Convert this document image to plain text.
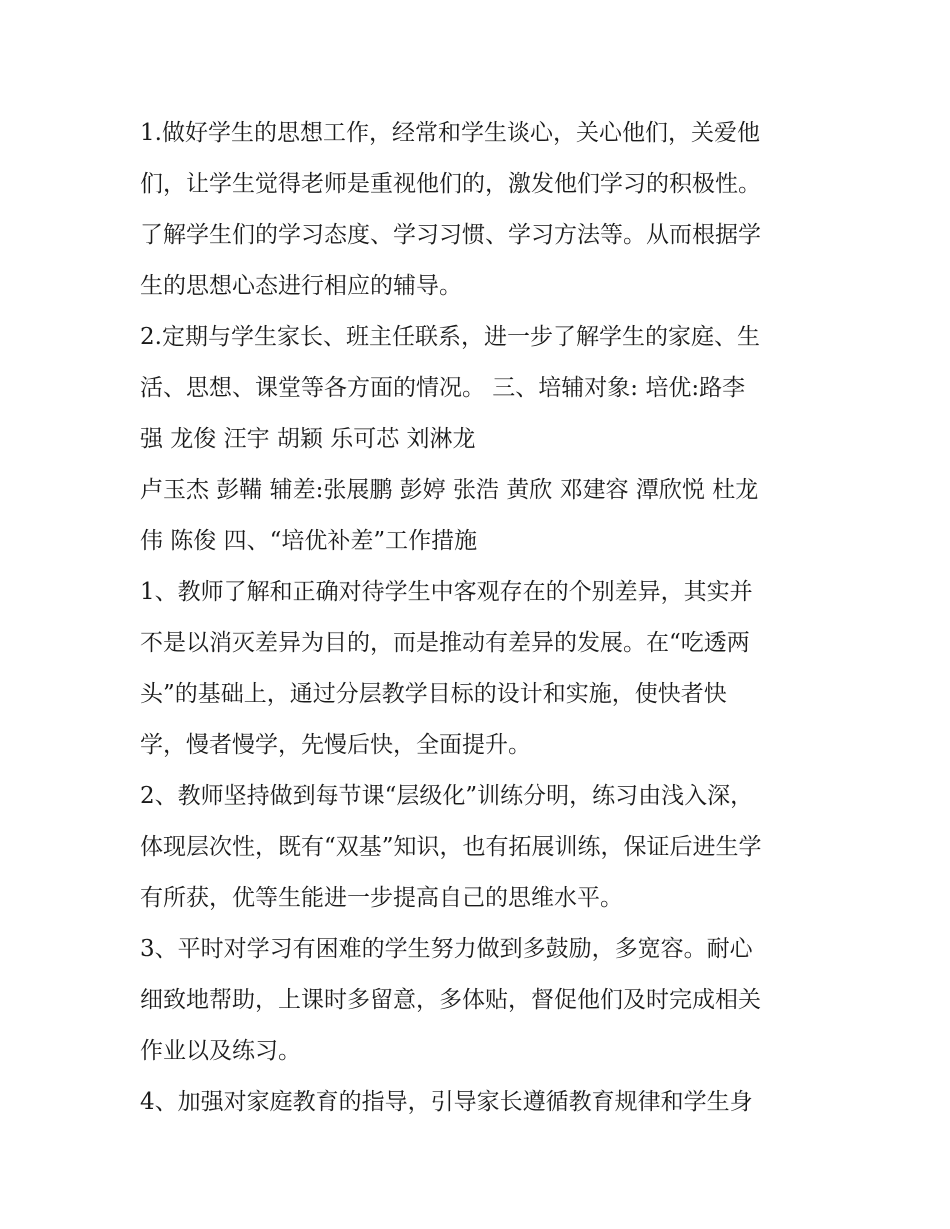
1.做好学生的思想工作，经常和学生谈心，关心他们，关爱他
们，让学生觉得老师是重视他们的，激发他们学习的积极性。
了解学生们的学习态度、学习习惯、学习方法等。从而根据学
生的思想心态进行相应的辅导。
2.定期与学生家长、班主任联系，进一步了解学生的家庭、生
活、思想、课堂等各方面的情况。 三、培辅对象: 培优:路李
强 龙俊 汪宇 胡颖 乐可芯 刘淋龙
卢玉杰 彭鞴 辅差:张展鹏 彭婷 张浩 黄欣 邓建容 潭欣悦 杜龙
伟 陈俊 四、“培优补差”工作措施
1、教师了解和正确对待学生中客观存在的个别差异，其实并
不是以消灭差异为目的，而是推动有差异的发展。在“吃透两
头”的基础上，通过分层教学目标的设计和实施，使快者快
学，慢者慢学，先慢后快，全面提升。
2、教师坚持做到每节课“层级化”训练分明，练习由浅入深，
体现层次性，既有“双基”知识，也有拓展训练，保证后进生学
有所获，优等生能进一步提高自己的思维水平。
3、平时对学习有困难的学生努力做到多鼓励，多宽容。耐心
细致地帮助，上课时多留意，多体贴，督促他们及时完成相关
作业以及练习。
4、加强对家庭教育的指导，引导家长遵循教育规律和学生身
